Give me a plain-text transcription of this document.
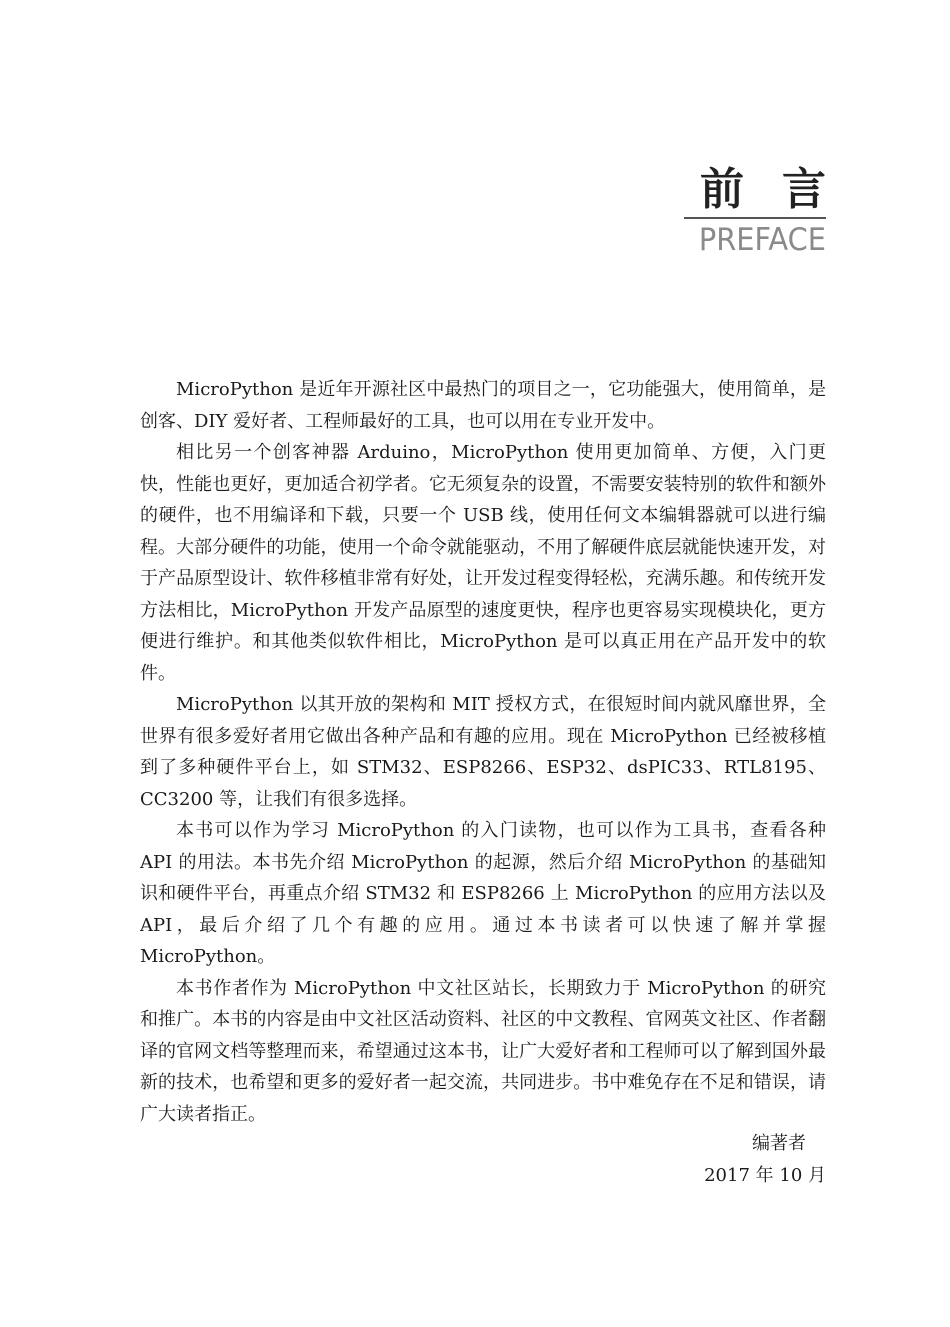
前言
PREFACE

MicroPython 是近年开源社区中最热门的项目之一，它功能强大，使用简单，是创客、DIY 爱好者、工程师最好的工具，也可以用在专业开发中。

相比另一个创客神器 Arduino，MicroPython 使用更加简单、方便，入门更快，性能也更好，更加适合初学者。它无须复杂的设置，不需要安装特别的软件和额外的硬件，也不用编译和下载，只要一个 USB 线，使用任何文本编辑器就可以进行编程。大部分硬件的功能，使用一个命令就能驱动，不用了解硬件底层就能快速开发，对于产品原型设计、软件移植非常有好处，让开发过程变得轻松，充满乐趣。和传统开发方法相比，MicroPython 开发产品原型的速度更快，程序也更容易实现模块化，更方便进行维护。和其他类似软件相比，MicroPython 是可以真正用在产品开发中的软件。

MicroPython 以其开放的架构和 MIT 授权方式，在很短时间内就风靡世界，全世界有很多爱好者用它做出各种产品和有趣的应用。现在 MicroPython 已经被移植到了多种硬件平台上，如 STM32、ESP8266、ESP32、dsPIC33、RTL8195、CC3200 等，让我们有很多选择。

本书可以作为学习 MicroPython 的入门读物，也可以作为工具书，查看各种 API 的用法。本书先介绍 MicroPython 的起源，然后介绍 MicroPython 的基础知识和硬件平台，再重点介绍 STM32 和 ESP8266 上 MicroPython 的应用方法以及 API，最后介绍了几个有趣的应用。通过本书读者可以快速了解并掌握 MicroPython。

本书作者作为 MicroPython 中文社区站长，长期致力于 MicroPython 的研究和推广。本书的内容是由中文社区活动资料、社区的中文教程、官网英文社区、作者翻译的官网文档等整理而来，希望通过这本书，让广大爱好者和工程师可以了解到国外最新的技术，也希望和更多的爱好者一起交流，共同进步。书中难免存在不足和错误，请广大读者指正。

编著者
2017 年 10 月
